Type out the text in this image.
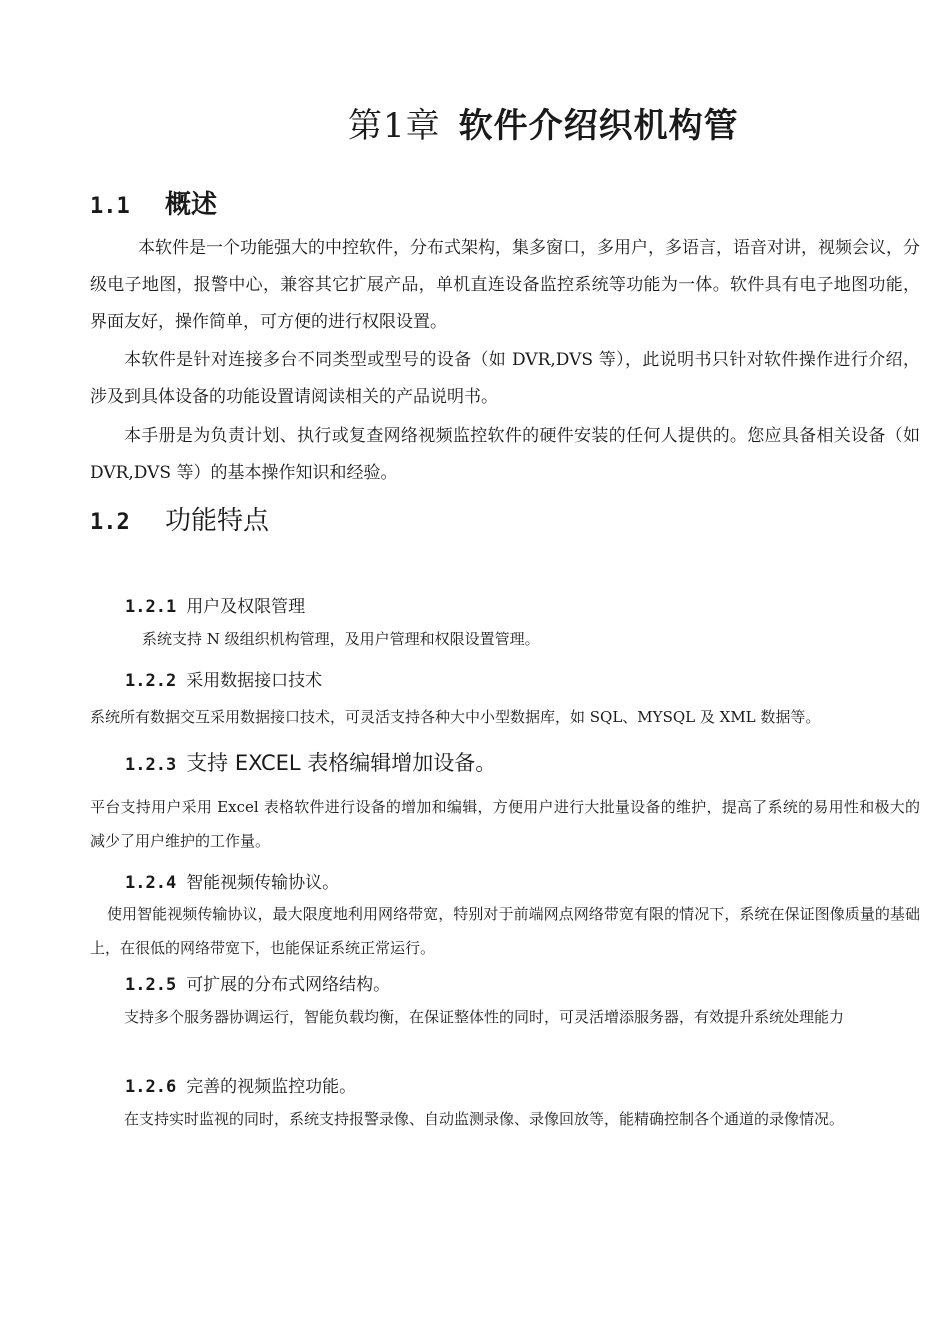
第1章 软件介绍织机构管
1.1 概述
本软件是一个功能强大的中控软件，分布式架构，集多窗口，多用户，多语言，语音对讲，视频会议，分级电子地图，报警中心，兼容其它扩展产品，单机直连设备监控系统等功能为一体。软件具有电子地图功能，界面友好，操作简单，可方便的进行权限设置。
本软件是针对连接多台不同类型或型号的设备（如 DVR,DVS 等），此说明书只针对软件操作进行介绍，涉及到具体设备的功能设置请阅读相关的产品说明书。
本手册是为负责计划、执行或复查网络视频监控软件的硬件安装的任何人提供的。您应具备相关设备（如 DVR,DVS 等）的基本操作知识和经验。
1.2 功能特点
1.2.1 用户及权限管理
系统支持 N 级组织机构管理，及用户管理和权限设置管理。
1.2.2 采用数据接口技术
系统所有数据交互采用数据接口技术，可灵活支持各种大中小型数据库，如 SQL、MYSQL 及 XML 数据等。
1.2.3 支持 EXCEL 表格编辑增加设备。
平台支持用户采用 Excel 表格软件进行设备的增加和编辑，方便用户进行大批量设备的维护，提高了系统的易用性和极大的减少了用户维护的工作量。
1.2.4 智能视频传输协议。
使用智能视频传输协议，最大限度地利用网络带宽，特别对于前端网点网络带宽有限的情况下，系统在保证图像质量的基础上，在很低的网络带宽下，也能保证系统正常运行。
1.2.5 可扩展的分布式网络结构。
支持多个服务器协调运行，智能负载均衡，在保证整体性的同时，可灵活增添服务器，有效提升系统处理能力
1.2.6 完善的视频监控功能。
在支持实时监视的同时，系统支持报警录像、自动监测录像、录像回放等，能精确控制各个通道的录像情况。
